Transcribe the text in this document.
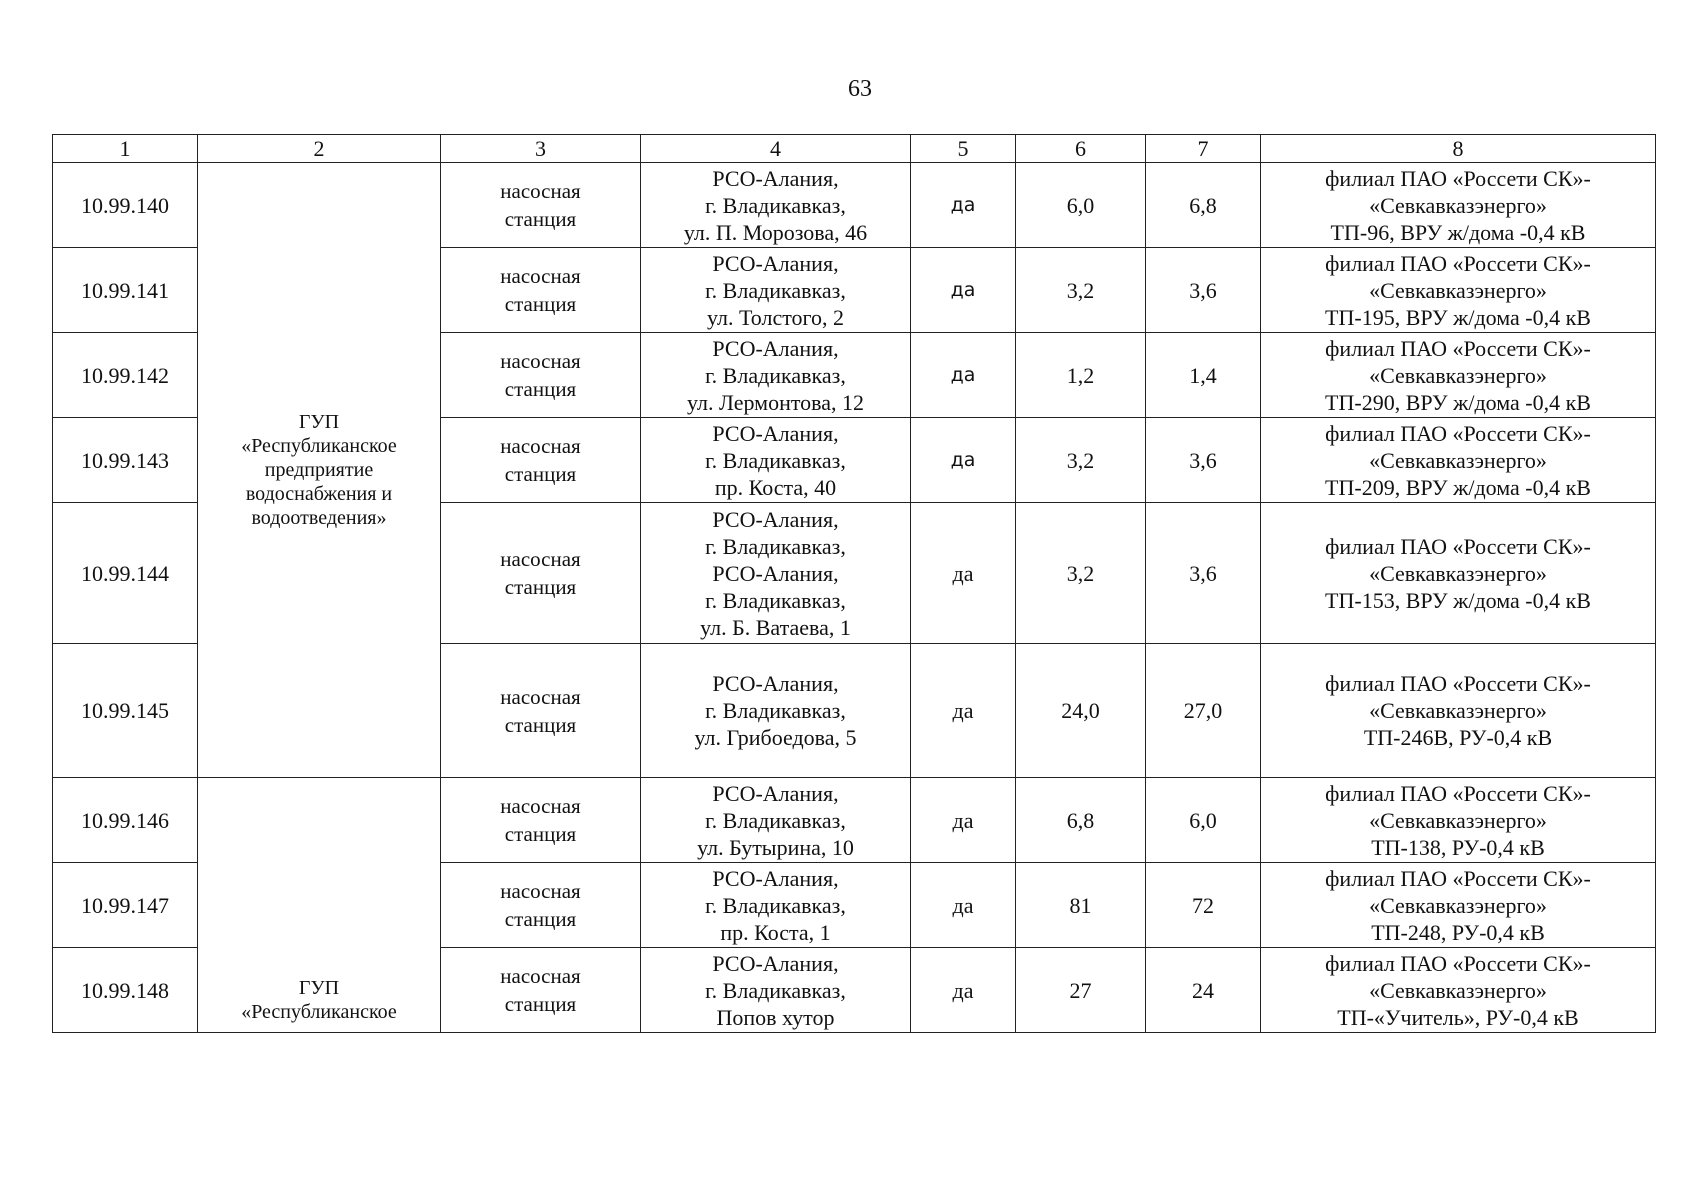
63
1	2	3	4	5	6	7	8
10.99.140	ГУП
«Республиканское
предприятие
водоснабжения и
водоотведения»	насосная
станция	РСО-Алания,
г. Владикавказ,
ул. П. Морозова, 46	да	6,0	6,8	филиал ПАО «Россети СК»-
«Севкавказэнерго»
ТП-96, ВРУ ж/дома -0,4 кВ

10.99.141		насосная
станция	РСО-Алания,
г. Владикавказ,
ул. Толстого, 2	да	3,2	3,6	филиал ПАО «Россети СК»-
«Севкавказэнерго»
ТП-195, ВРУ ж/дома -0,4 кВ

10.99.142		насосная
станция	РСО-Алания,
г. Владикавказ,
ул. Лермонтова, 12	да	1,2	1,4	филиал ПАО «Россети СК»-
«Севкавказэнерго»
ТП-290, ВРУ ж/дома -0,4 кВ

10.99.143		насосная
станция	РСО-Алания,
г. Владикавказ,
пр. Коста, 40	да	3,2	3,6	филиал ПАО «Россети СК»-
«Севкавказэнерго»
ТП-209, ВРУ ж/дома -0,4 кВ

10.99.144		насосная
станция	РСО-Алания,
г. Владикавказ,
РСО-Алания,
г. Владикавказ,
ул. Б. Ватаева, 1	да	3,2	3,6	филиал ПАО «Россети СК»-
«Севкавказэнерго»
ТП-153, ВРУ ж/дома -0,4 кВ

10.99.145		насосная
станция	РСО-Алания,
г. Владикавказ,
ул. Грибоедова, 5	да	24,0	27,0	филиал ПАО «Россети СК»-
«Севкавказэнерго»
ТП-246В, РУ-0,4 кВ

10.99.146	ГУП
«Республиканское	насосная
станция	РСО-Алания,
г. Владикавказ,
ул. Бутырина, 10	да	6,8	6,0	филиал ПАО «Россети СК»-
«Севкавказэнерго»
ТП-138, РУ-0,4 кВ

10.99.147		насосная
станция	РСО-Алания,
г. Владикавказ,
пр. Коста, 1	да	81	72	филиал ПАО «Россети СК»-
«Севкавказэнерго»
ТП-248, РУ-0,4 кВ

10.99.148		насосная
станция	РСО-Алания,
г. Владикавказ,
Попов хутор	да	27	24	филиал ПАО «Россети СК»-
«Севкавказэнерго»
ТП-«Учитель», РУ-0,4 кВ
